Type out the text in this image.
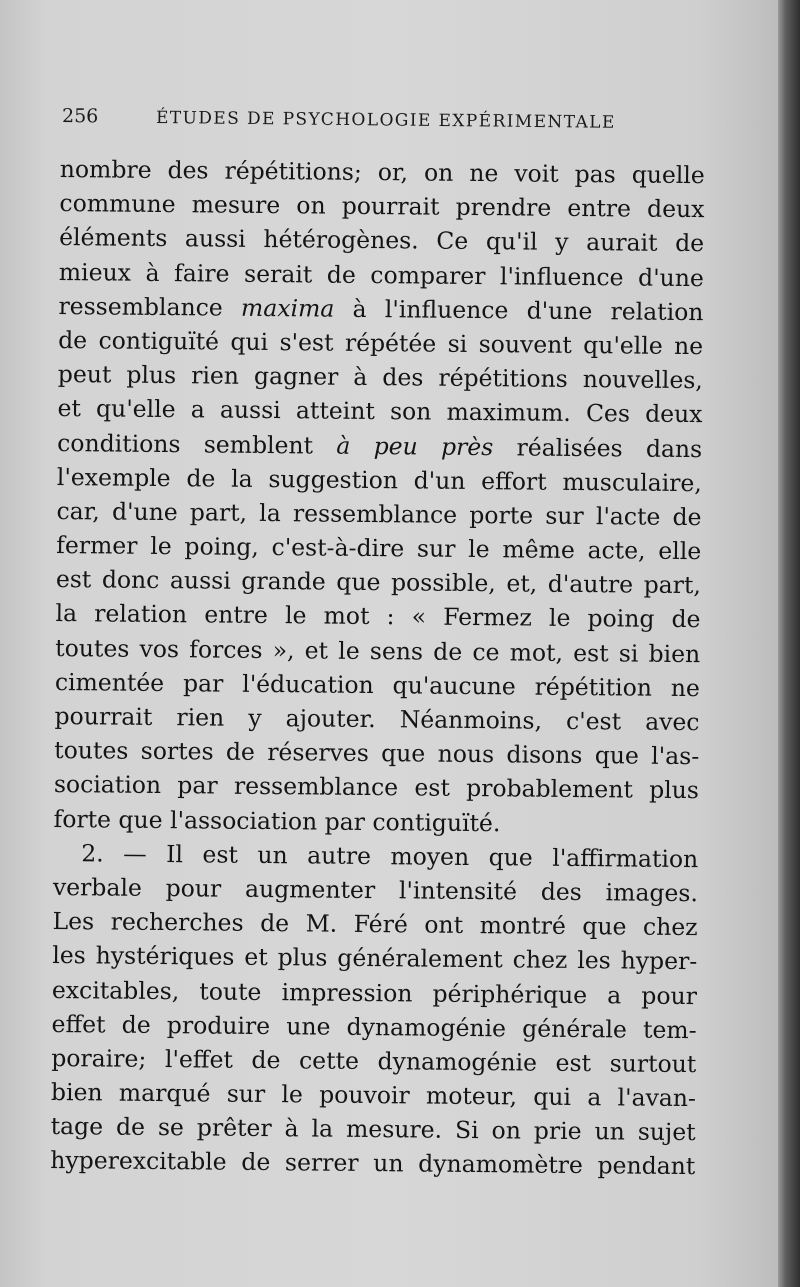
256	ÉTUDES DE PSYCHOLOGIE EXPÉRIMENTALE
nombre des répétitions; or, on ne voit pas quelle
commune mesure on pourrait prendre entre deux
éléments aussi hétérogènes. Ce qu'il y aurait de
mieux à faire serait de comparer l'influence d'une
ressemblance maxima à l'influence d'une relation
de contiguïté qui s'est répétée si souvent qu'elle ne
peut plus rien gagner à des répétitions nouvelles,
et qu'elle a aussi atteint son maximum. Ces deux
conditions semblent à peu près réalisées dans
l'exemple de la suggestion d'un effort musculaire,
car, d'une part, la ressemblance porte sur l'acte de
fermer le poing, c'est-à-dire sur le même acte, elle
est donc aussi grande que possible, et, d'autre part,
la relation entre le mot : « Fermez le poing de
toutes vos forces », et le sens de ce mot, est si bien
cimentée par l'éducation qu'aucune répétition ne
pourrait rien y ajouter. Néanmoins, c'est avec
toutes sortes de réserves que nous disons que l'as-
sociation par ressemblance est probablement plus
forte que l'association par contiguïté.
2. — Il est un autre moyen que l'affirmation
verbale pour augmenter l'intensité des images.
Les recherches de M. Féré ont montré que chez
les hystériques et plus généralement chez les hyper-
excitables, toute impression périphérique a pour
effet de produire une dynamogénie générale tem-
poraire; l'effet de cette dynamogénie est surtout
bien marqué sur le pouvoir moteur, qui a l'avan-
tage de se prêter à la mesure. Si on prie un sujet
hyperexcitable de serrer un dynamomètre pendant
